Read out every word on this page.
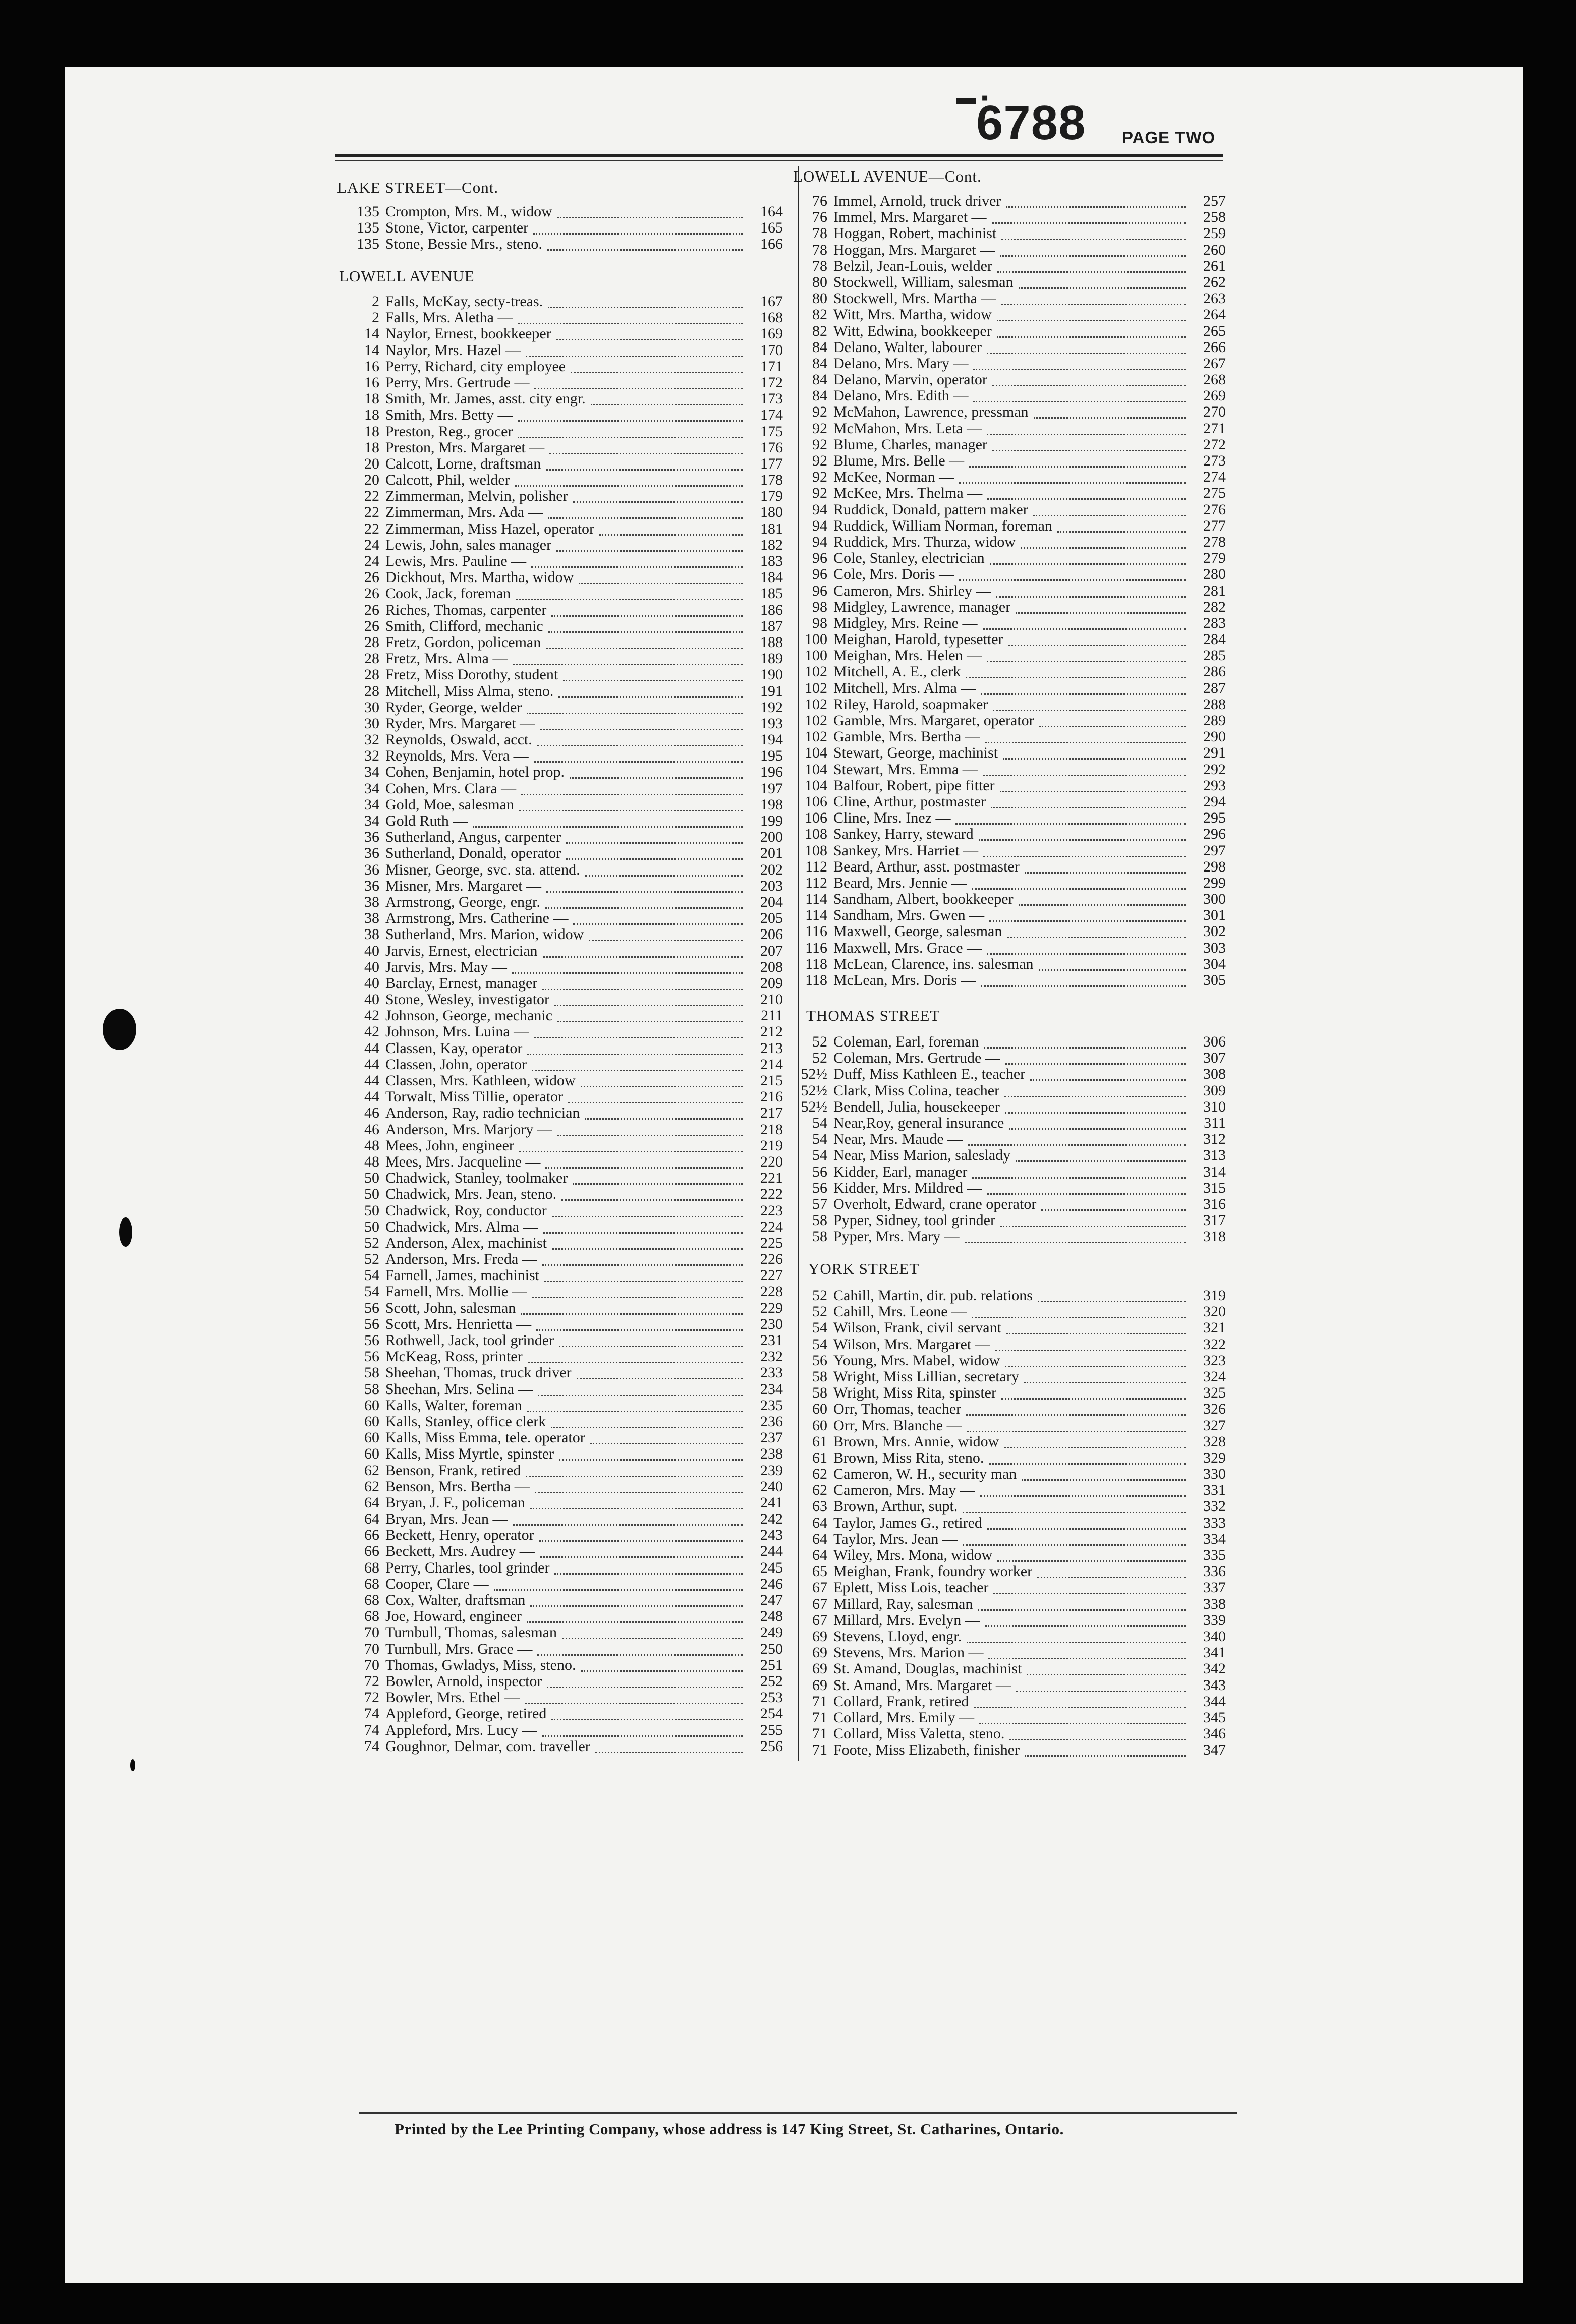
▬ ▪
6788 PAGE TWO
LAKE STREET—Cont.
135 Crompton, Mrs. M., widow	164
135 Stone, Victor, carpenter	165
135 Stone, Bessie Mrs., steno.	166
LOWELL AVENUE
2 Falls, McKay, secty-treas.	167
2 Falls, Mrs. Aletha —	168
14 Naylor, Ernest, bookkeeper	169
14 Naylor, Mrs. Hazel —	170
16 Perry, Richard, city employee	171
16 Perry, Mrs. Gertrude —	172
18 Smith, Mr. James, asst. city engr.	173
18 Smith, Mrs. Betty —	174
18 Preston, Reg., grocer	175
18 Preston, Mrs. Margaret —	176
20 Calcott, Lorne, draftsman	177
20 Calcott, Phil, welder	178
22 Zimmerman, Melvin, polisher	179
22 Zimmerman, Mrs. Ada —	180
22 Zimmerman, Miss Hazel, operator	181
24 Lewis, John, sales manager	182
24 Lewis, Mrs. Pauline —	183
26 Dickhout, Mrs. Martha, widow	184
26 Cook, Jack, foreman	185
26 Riches, Thomas, carpenter	186
26 Smith, Clifford, mechanic	187
28 Fretz, Gordon, policeman	188
28 Fretz, Mrs. Alma —	189
28 Fretz, Miss Dorothy, student	190
28 Mitchell, Miss Alma, steno.	191
30 Ryder, George, welder	192
30 Ryder, Mrs. Margaret —	193
32 Reynolds, Oswald, acct.	194
32 Reynolds, Mrs. Vera —	195
34 Cohen, Benjamin, hotel prop.	196
34 Cohen, Mrs. Clara —	197
34 Gold, Moe, salesman	198
34 Gold Ruth —	199
36 Sutherland, Angus, carpenter	200
36 Sutherland, Donald, operator	201
36 Misner, George, svc. sta. attend.	202
36 Misner, Mrs. Margaret —	203
38 Armstrong, George, engr.	204
38 Armstrong, Mrs. Catherine —	205
38 Sutherland, Mrs. Marion, widow	206
40 Jarvis, Ernest, electrician	207
40 Jarvis, Mrs. May —	208
40 Barclay, Ernest, manager	209
40 Stone, Wesley, investigator	210
42 Johnson, George, mechanic	211
42 Johnson, Mrs. Luina —	212
44 Classen, Kay, operator	213
44 Classen, John, operator	214
44 Classen, Mrs. Kathleen, widow	215
44 Torwalt, Miss Tillie, operator	216
46 Anderson, Ray, radio technician	217
46 Anderson, Mrs. Marjory —	218
48 Mees, John, engineer	219
48 Mees, Mrs. Jacqueline —	220
50 Chadwick, Stanley, toolmaker	221
50 Chadwick, Mrs. Jean, steno.	222
50 Chadwick, Roy, conductor	223
50 Chadwick, Mrs. Alma —	224
52 Anderson, Alex, machinist	225
52 Anderson, Mrs. Freda —	226
54 Farnell, James, machinist	227
54 Farnell, Mrs. Mollie —	228
56 Scott, John, salesman	229
56 Scott, Mrs. Henrietta —	230
56 Rothwell, Jack, tool grinder	231
56 McKeag, Ross, printer	232
58 Sheehan, Thomas, truck driver	233
58 Sheehan, Mrs. Selina —	234
60 Kalls, Walter, foreman	235
60 Kalls, Stanley, office clerk	236
60 Kalls, Miss Emma, tele. operator	237
60 Kalls, Miss Myrtle, spinster	238
62 Benson, Frank, retired	239
62 Benson, Mrs. Bertha —	240
64 Bryan, J. F., policeman	241
64 Bryan, Mrs. Jean —	242
66 Beckett, Henry, operator	243
66 Beckett, Mrs. Audrey —	244
68 Perry, Charles, tool grinder	245
68 Cooper, Clare —	246
68 Cox, Walter, draftsman	247
68 Joe, Howard, engineer	248
70 Turnbull, Thomas, salesman	249
70 Turnbull, Mrs. Grace —	250
70 Thomas, Gwladys, Miss, steno.	251
72 Bowler, Arnold, inspector	252
72 Bowler, Mrs. Ethel —	253
74 Appleford, George, retired	254
74 Appleford, Mrs. Lucy —	255
74 Goughnor, Delmar, com. traveller	256
LOWELL AVENUE—Cont.
76 Immel, Arnold, truck driver	257
76 Immel, Mrs. Margaret —	258
78 Hoggan, Robert, machinist	259
78 Hoggan, Mrs. Margaret —	260
78 Belzil, Jean-Louis, welder	261
80 Stockwell, William, salesman	262
80 Stockwell, Mrs. Martha —	263
82 Witt, Mrs. Martha, widow	264
82 Witt, Edwina, bookkeeper	265
84 Delano, Walter, labourer	266
84 Delano, Mrs. Mary —	267
84 Delano, Marvin, operator	268
84 Delano, Mrs. Edith —	269
92 McMahon, Lawrence, pressman	270
92 McMahon, Mrs. Leta —	271
92 Blume, Charles, manager	272
92 Blume, Mrs. Belle —	273
92 McKee, Norman —	274
92 McKee, Mrs. Thelma —	275
94 Ruddick, Donald, pattern maker	276
94 Ruddick, William Norman, foreman	277
94 Ruddick, Mrs. Thurza, widow	278
96 Cole, Stanley, electrician	279
96 Cole, Mrs. Doris —	280
96 Cameron, Mrs. Shirley —	281
98 Midgley, Lawrence, manager	282
98 Midgley, Mrs. Reine —	283
100 Meighan, Harold, typesetter	284
100 Meighan, Mrs. Helen —	285
102 Mitchell, A. E., clerk	286
102 Mitchell, Mrs. Alma —	287
102 Riley, Harold, soapmaker	288
102 Gamble, Mrs. Margaret, operator	289
102 Gamble, Mrs. Bertha —	290
104 Stewart, George, machinist	291
104 Stewart, Mrs. Emma —	292
104 Balfour, Robert, pipe fitter	293
106 Cline, Arthur, postmaster	294
106 Cline, Mrs. Inez —	295
108 Sankey, Harry, steward	296
108 Sankey, Mrs. Harriet —	297
112 Beard, Arthur, asst. postmaster	298
112 Beard, Mrs. Jennie —	299
114 Sandham, Albert, bookkeeper	300
114 Sandham, Mrs. Gwen —	301
116 Maxwell, George, salesman	302
116 Maxwell, Mrs. Grace —	303
118 McLean, Clarence, ins. salesman	304
118 McLean, Mrs. Doris —	305
THOMAS STREET
52 Coleman, Earl, foreman	306
52 Coleman, Mrs. Gertrude —	307
52½ Duff, Miss Kathleen E., teacher	308
52½ Clark, Miss Colina, teacher	309
52½ Bendell, Julia, housekeeper	310
54 Near,Roy, general insurance	311
54 Near, Mrs. Maude —	312
54 Near, Miss Marion, saleslady	313
56 Kidder, Earl, manager	314
56 Kidder, Mrs. Mildred —	315
57 Overholt, Edward, crane operator	316
58 Pyper, Sidney, tool grinder	317
58 Pyper, Mrs. Mary —	318
YORK STREET
52 Cahill, Martin, dir. pub. relations	319
52 Cahill, Mrs. Leone —	320
54 Wilson, Frank, civil servant	321
54 Wilson, Mrs. Margaret —	322
56 Young, Mrs. Mabel, widow	323
58 Wright, Miss Lillian, secretary	324
58 Wright, Miss Rita, spinster	325
60 Orr, Thomas, teacher	326
60 Orr, Mrs. Blanche —	327
61 Brown, Mrs. Annie, widow	328
61 Brown, Miss Rita, steno.	329
62 Cameron, W. H., security man	330
62 Cameron, Mrs. May —	331
63 Brown, Arthur, supt.	332
64 Taylor, James G., retired	333
64 Taylor, Mrs. Jean —	334
64 Wiley, Mrs. Mona, widow	335
65 Meighan, Frank, foundry worker	336
67 Eplett, Miss Lois, teacher	337
67 Millard, Ray, salesman	338
67 Millard, Mrs. Evelyn —	339
69 Stevens, Lloyd, engr.	340
69 Stevens, Mrs. Marion —	341
69 St. Amand, Douglas, machinist	342
69 St. Amand, Mrs. Margaret —	343
71 Collard, Frank, retired	344
71 Collard, Mrs. Emily —	345
71 Collard, Miss Valetta, steno.	346
71 Foote, Miss Elizabeth, finisher	347
Printed by the Lee Printing Company, whose address is 147 King Street, St. Catharines, Ontario.
